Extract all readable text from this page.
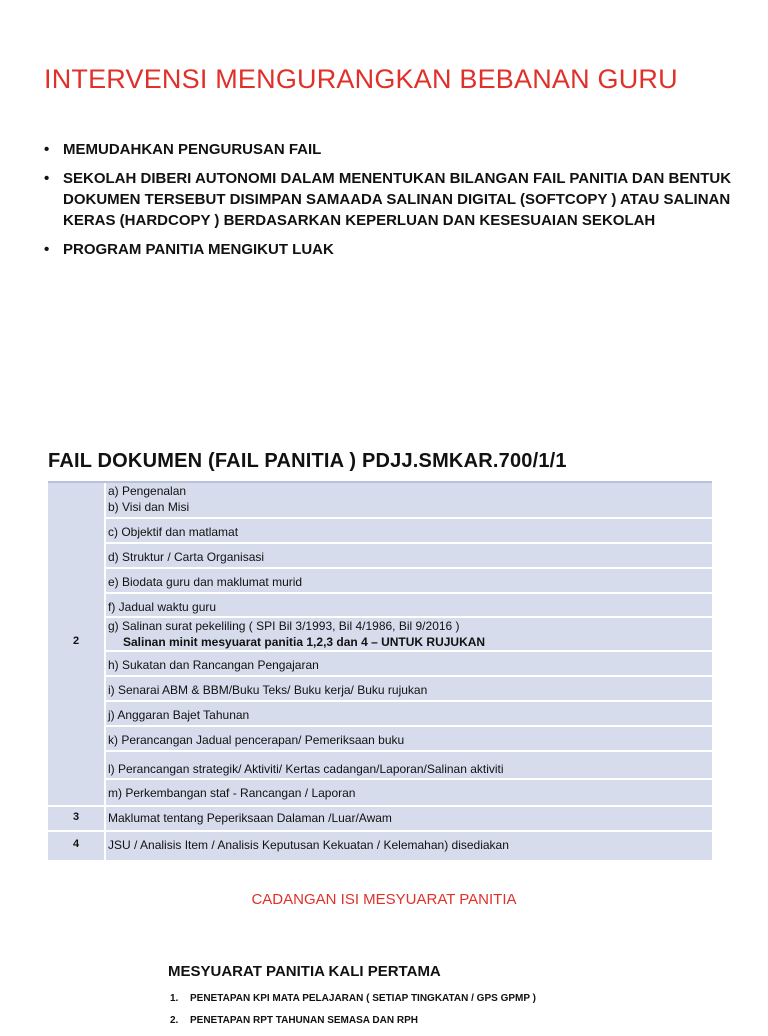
INTERVENSI MENGURANGKAN BEBANAN GURU
• MEMUDAHKAN PENGURUSAN FAIL
• SEKOLAH DIBERI AUTONOMI DALAM MENENTUKAN BILANGAN FAIL PANITIA DAN BENTUK DOKUMEN TERSEBUT DISIMPAN SAMAADA SALINAN DIGITAL (SOFTCOPY ) ATAU SALINAN KERAS (HARDCOPY ) BERDASARKAN KEPERLUAN DAN KESESUAIAN SEKOLAH
• PROGRAM PANITIA MENGIKUT LUAK
FAIL DOKUMEN (FAIL PANITIA ) PDJJ.SMKAR.700/1/1
2
a) Pengenalan
b) Visi dan Misi
c) Objektif dan matlamat
d) Struktur / Carta Organisasi
e) Biodata guru dan maklumat murid
f) Jadual waktu guru
g) Salinan surat pekeliling ( SPI Bil 3/1993, Bil 4/1986, Bil 9/2016 )
Salinan minit mesyuarat panitia 1,2,3 dan 4 – UNTUK RUJUKAN
h) Sukatan dan Rancangan Pengajaran
i) Senarai ABM & BBM/Buku Teks/ Buku kerja/ Buku rujukan
j) Anggaran Bajet Tahunan
k) Perancangan Jadual pencerapan/ Pemeriksaan buku
l) Perancangan strategik/ Aktiviti/ Kertas cadangan/Laporan/Salinan aktiviti
m) Perkembangan staf - Rancangan / Laporan
3	Maklumat tentang Peperiksaan Dalaman /Luar/Awam
4	JSU / Analisis Item / Analisis Keputusan Kekuatan / Kelemahan) disediakan
CADANGAN ISI MESYUARAT PANITIA
MESYUARAT PANITIA KALI PERTAMA
1. PENETAPAN KPI MATA PELAJARAN ( SETIAP TINGKATAN / GPS GPMP )
2. PENETAPAN RPT TAHUNAN SEMASA DAN RPH
